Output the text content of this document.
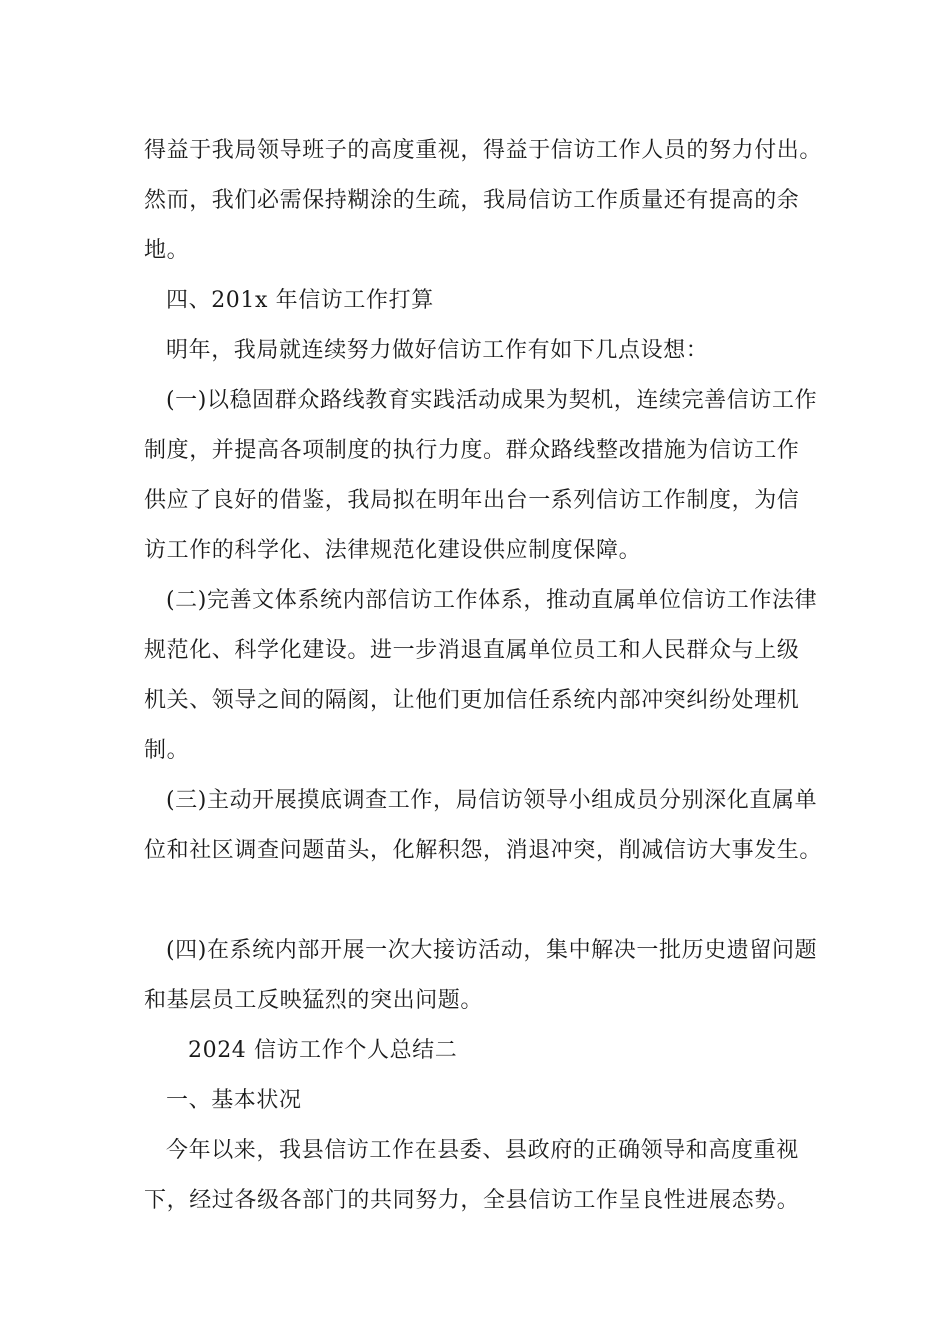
得益于我局领导班子的高度重视，得益于信访工作人员的努力付出。
然而，我们必需保持糊涂的生疏，我局信访工作质量还有提高的余
地。
四、201x 年信访工作打算
明年，我局就连续努力做好信访工作有如下几点设想：
(一)以稳固群众路线教育实践活动成果为契机，连续完善信访工作
制度，并提高各项制度的执行力度。群众路线整改措施为信访工作
供应了良好的借鉴，我局拟在明年出台一系列信访工作制度，为信
访工作的科学化、法律规范化建设供应制度保障。
(二)完善文体系统内部信访工作体系，推动直属单位信访工作法律
规范化、科学化建设。进一步消退直属单位员工和人民群众与上级
机关、领导之间的隔阂，让他们更加信任系统内部冲突纠纷处理机
制。
(三)主动开展摸底调查工作，局信访领导小组成员分别深化直属单
位和社区调查问题苗头，化解积怨，消退冲突，削减信访大事发生。
(四)在系统内部开展一次大接访活动，集中解决一批历史遗留问题
和基层员工反映猛烈的突出问题。
2024 信访工作个人总结二
一、基本状况
今年以来，我县信访工作在县委、县政府的正确领导和高度重视
下，经过各级各部门的共同努力，全县信访工作呈良性进展态势。
